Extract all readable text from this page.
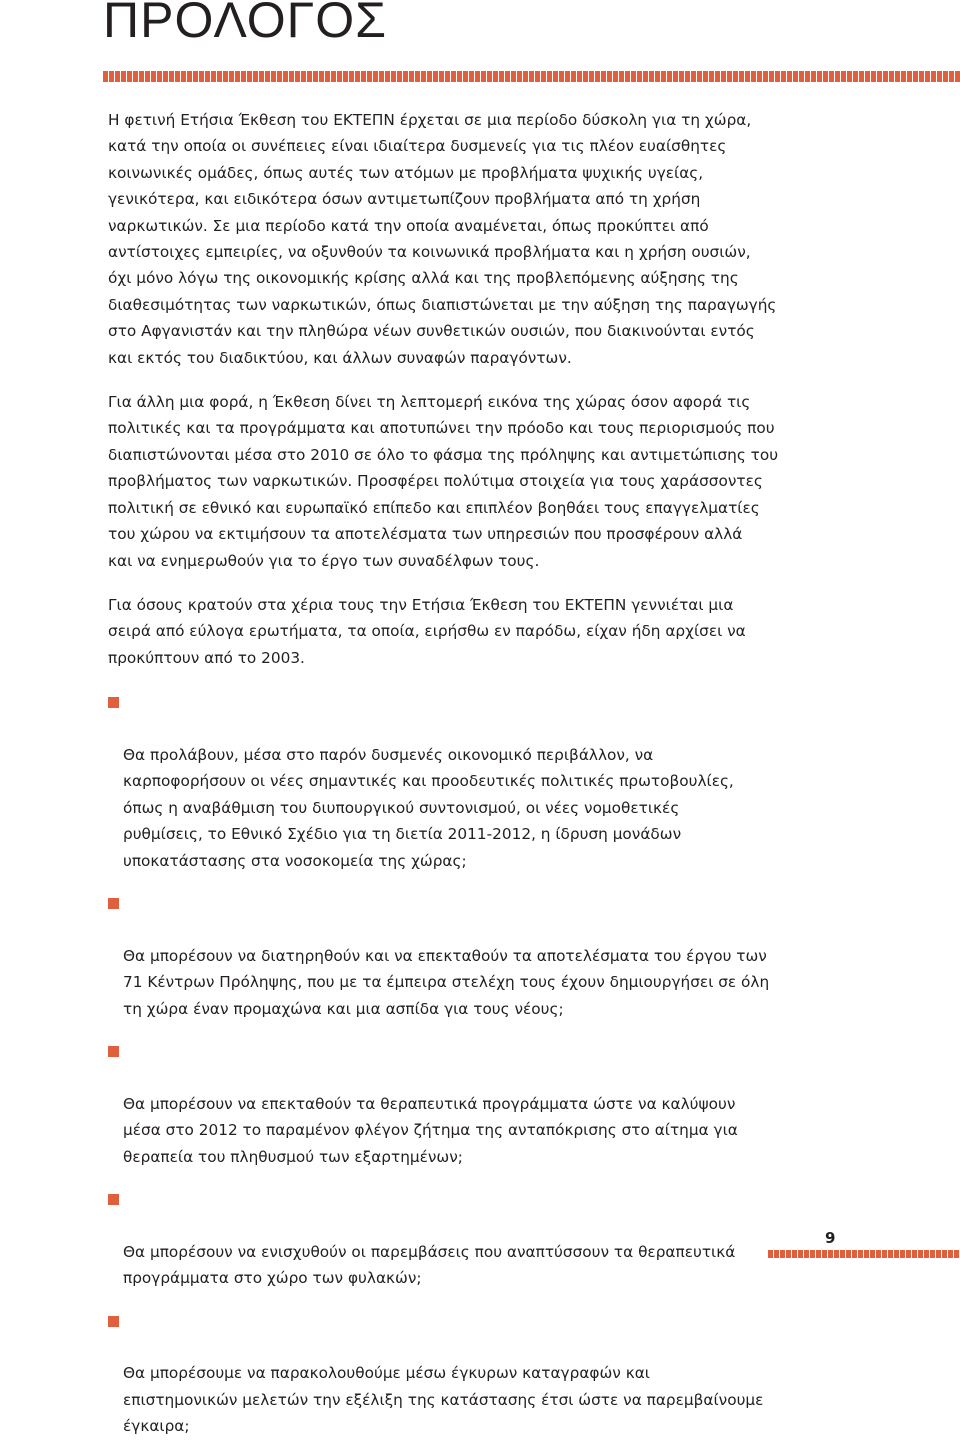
ΠΡΟΛΟΓΟΣ

Η φετινή Ετήσια Έκθεση του ΕΚΤΕΠΝ έρχεται σε μια περίοδο δύσκολη για τη χώρα,
κατά την οποία οι συνέπειες είναι ιδιαίτερα δυσμενείς για τις πλέον ευαίσθητες
κοινωνικές ομάδες, όπως αυτές των ατόμων με προβλήματα ψυχικής υγείας,
γενικότερα, και ειδικότερα όσων αντιμετωπίζουν προβλήματα από τη χρήση
ναρκωτικών. Σε μια περίοδο κατά την οποία αναμένεται, όπως προκύπτει από
αντίστοιχες εμπειρίες, να οξυνθούν τα κοινωνικά προβλήματα και η χρήση ουσιών,
όχι μόνο λόγω της οικονομικής κρίσης αλλά και της προβλεπόμενης αύξησης της
διαθεσιμότητας των ναρκωτικών, όπως διαπιστώνεται με την αύξηση της παραγωγής
στο Αφγανιστάν και την πληθώρα νέων συνθετικών ουσιών, που διακινούνται εντός
και εκτός του διαδικτύου, και άλλων συναφών παραγόντων.

Για άλλη μια φορά, η Έκθεση δίνει τη λεπτομερή εικόνα της χώρας όσον αφορά τις
πολιτικές και τα προγράμματα και αποτυπώνει την πρόοδο και τους περιορισμούς που
διαπιστώνονται μέσα στο 2010 σε όλο το φάσμα της πρόληψης και αντιμετώπισης του
προβλήματος των ναρκωτικών. Προσφέρει πολύτιμα στοιχεία για τους χαράσσοντες
πολιτική σε εθνικό και ευρωπαϊκό επίπεδο και επιπλέον βοηθάει τους επαγγελματίες
του χώρου να εκτιμήσουν τα αποτελέσματα των υπηρεσιών που προσφέρουν αλλά
και να ενημερωθούν για το έργο των συναδέλφων τους.

Για όσους κρατούν στα χέρια τους την Ετήσια Έκθεση του ΕΚΤΕΠΝ γεννιέται μια
σειρά από εύλογα ερωτήματα, τα οποία, ειρήσθω εν παρόδω, είχαν ήδη αρχίσει να
προκύπτουν από το 2003.

Θα προλάβουν, μέσα στο παρόν δυσμενές οικονομικό περιβάλλον, να
καρποφορήσουν οι νέες σημαντικές και προοδευτικές πολιτικές πρωτοβουλίες,
όπως η αναβάθμιση του διυπουργικού συντονισμού, οι νέες νομοθετικές
ρυθμίσεις, το Εθνικό Σχέδιο για τη διετία 2011-2012, η ίδρυση μονάδων
υποκατάστασης στα νοσοκομεία της χώρας;

Θα μπορέσουν να διατηρηθούν και να επεκταθούν τα αποτελέσματα του έργου των
71 Κέντρων Πρόληψης, που με τα έμπειρα στελέχη τους έχουν δημιουργήσει σε όλη
τη χώρα έναν προμαχώνα και μια ασπίδα για τους νέους;

Θα μπορέσουν να επεκταθούν τα θεραπευτικά προγράμματα ώστε να καλύψουν
μέσα στο 2012 το παραμένον φλέγον ζήτημα της ανταπόκρισης στο αίτημα για
θεραπεία του πληθυσμού των εξαρτημένων;

Θα μπορέσουν να ενισχυθούν οι παρεμβάσεις που αναπτύσσουν τα θεραπευτικά
προγράμματα στο χώρο των φυλακών;

Θα μπορέσουμε να παρακολουθούμε μέσω έγκυρων καταγραφών και
επιστημονικών μελετών την εξέλιξη της κατάστασης έτσι ώστε να παρεμβαίνουμε
έγκαιρα;

9
